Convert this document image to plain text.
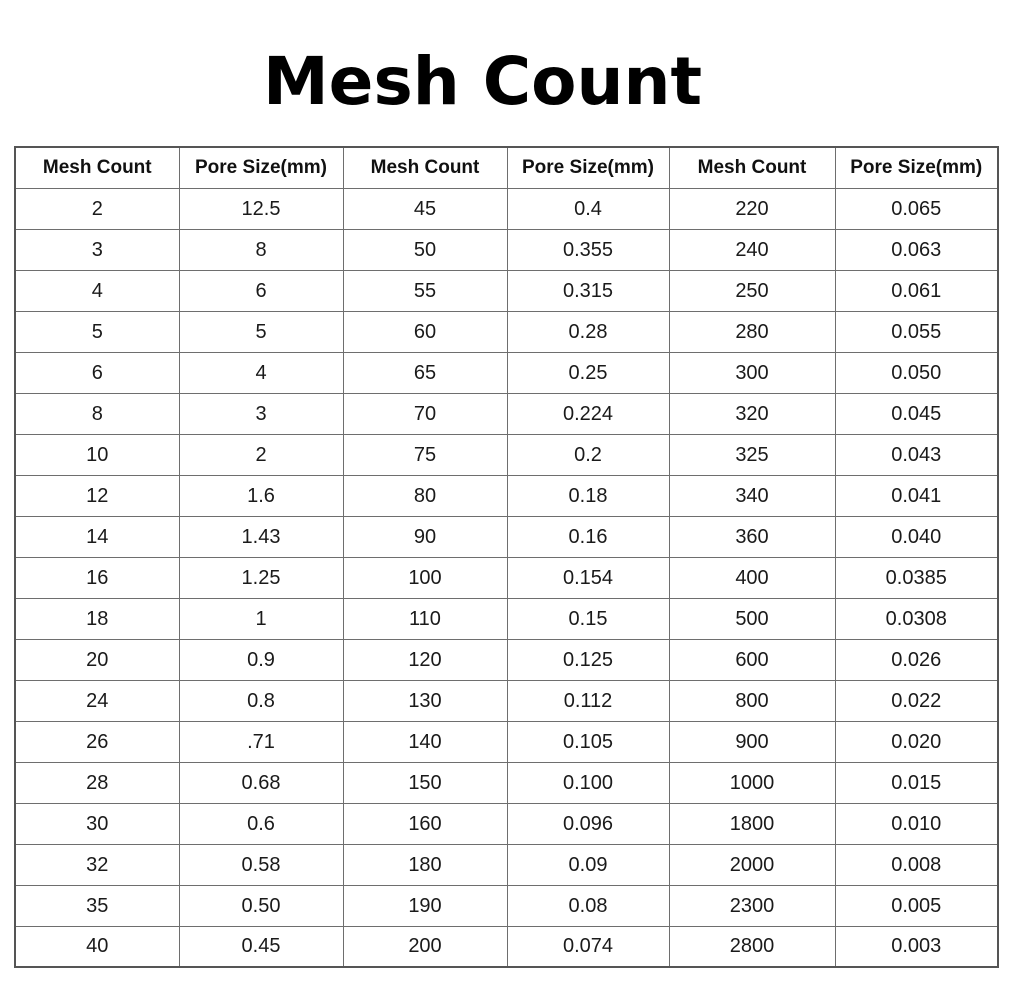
Mesh Count
Mesh Count	Pore Size(mm)	Mesh Count	Pore Size(mm)	Mesh Count	Pore Size(mm)
2	12.5	45	0.4	220	0.065
3	8	50	0.355	240	0.063
4	6	55	0.315	250	0.061
5	5	60	0.28	280	0.055
6	4	65	0.25	300	0.050
8	3	70	0.224	320	0.045
10	2	75	0.2	325	0.043
12	1.6	80	0.18	340	0.041
14	1.43	90	0.16	360	0.040
16	1.25	100	0.154	400	0.0385
18	1	110	0.15	500	0.0308
20	0.9	120	0.125	600	0.026
24	0.8	130	0.112	800	0.022
26	.71	140	0.105	900	0.020
28	0.68	150	0.100	1000	0.015
30	0.6	160	0.096	1800	0.010
32	0.58	180	0.09	2000	0.008
35	0.50	190	0.08	2300	0.005
40	0.45	200	0.074	2800	0.003
